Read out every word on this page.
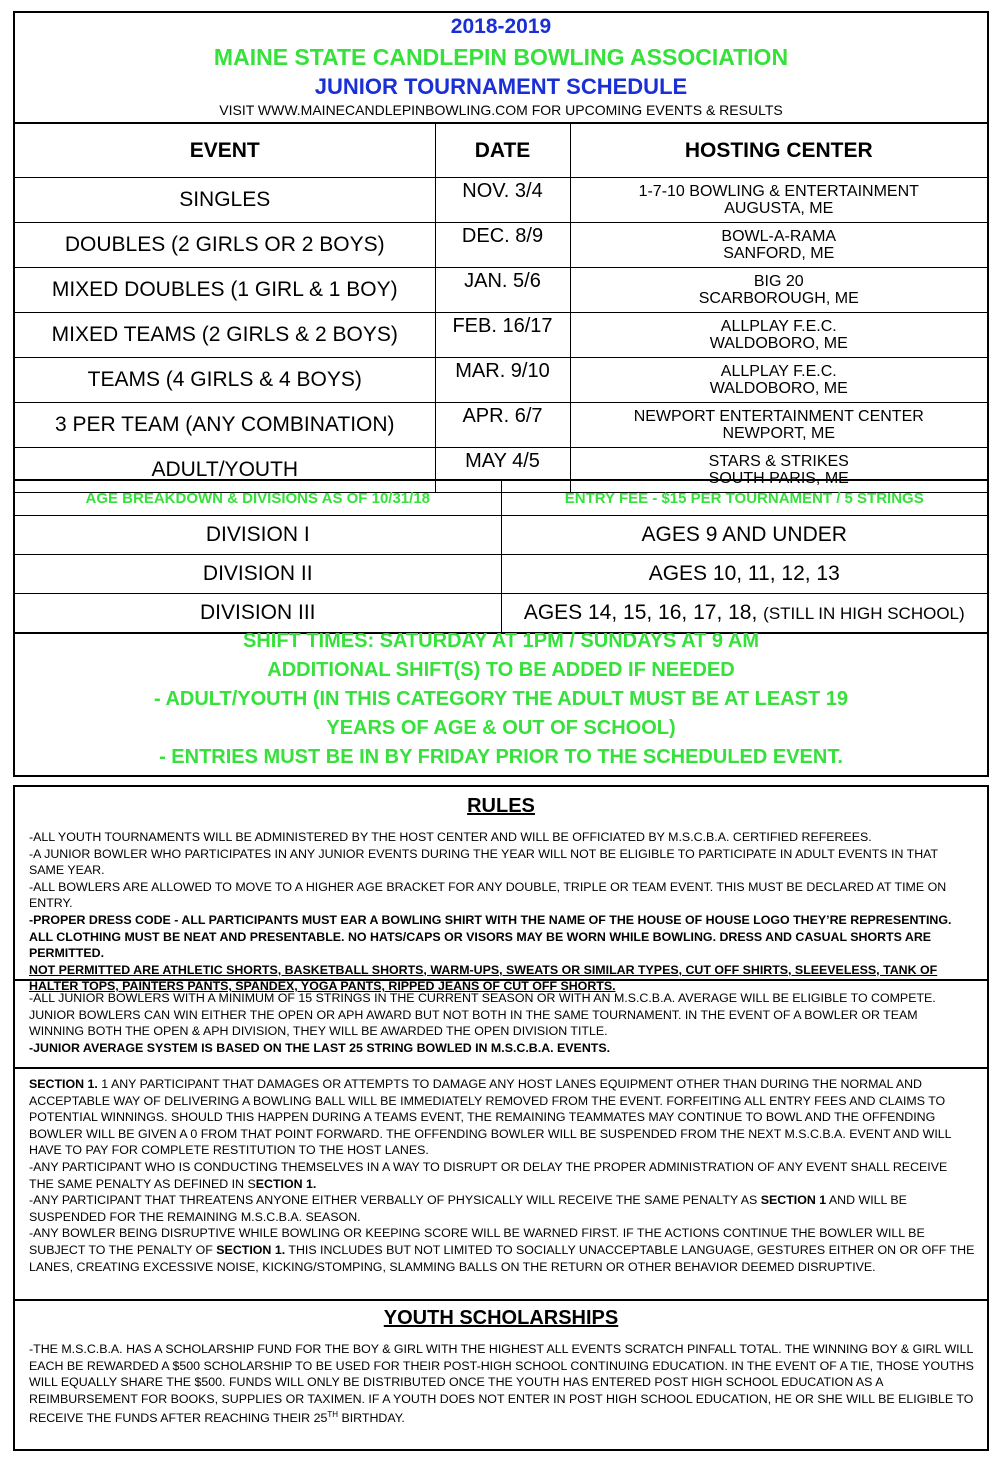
2018-2019
MAINE STATE CANDLEPIN BOWLING ASSOCIATION
JUNIOR TOURNAMENT SCHEDULE
VISIT WWW.MAINECANDLEPINBOWLING.COM FOR UPCOMING EVENTS & RESULTS
EVENT	DATE	HOSTING CENTER
SINGLES	NOV. 3/4	1-7-10 BOWLING & ENTERTAINMENT
AUGUSTA, ME

DOUBLES (2 GIRLS OR 2 BOYS)	DEC. 8/9	BOWL-A-RAMA
SANFORD, ME

MIXED DOUBLES (1 GIRL & 1 BOY)	JAN. 5/6	BIG 20
SCARBOROUGH, ME

MIXED TEAMS (2 GIRLS & 2 BOYS)	FEB. 16/17	ALLPLAY F.E.C.
WALDOBORO, ME

TEAMS (4 GIRLS & 4 BOYS)	MAR. 9/10	ALLPLAY F.E.C.
WALDOBORO, ME

3 PER TEAM (ANY COMBINATION)	APR. 6/7	NEWPORT ENTERTAINMENT CENTER
NEWPORT, ME

ADULT/YOUTH	MAY 4/5	STARS & STRIKES
SOUTH PARIS, ME
AGE BREAKDOWN & DIVISIONS AS OF 10/31/18	ENTRY FEE - $15 PER TOURNAMENT / 5 STRINGS
DIVISION I	AGES 9 AND UNDER
DIVISION II	AGES 10, 11, 12, 13
DIVISION III	AGES 14, 15, 16, 17, 18, (STILL IN HIGH SCHOOL)
SHIFT TIMES: SATURDAY AT 1PM / SUNDAYS AT 9 AM
ADDITIONAL SHIFT(S) TO BE ADDED IF NEEDED
- ADULT/YOUTH (IN THIS CATEGORY THE ADULT MUST BE AT LEAST 19
YEARS OF AGE & OUT OF SCHOOL)
- ENTRIES MUST BE IN BY FRIDAY PRIOR TO THE SCHEDULED EVENT.
RULES

-ALL YOUTH TOURNAMENTS WILL BE ADMINISTERED BY THE HOST CENTER AND WILL BE OFFICIATED BY M.S.C.B.A. CERTIFIED REFEREES.

-A JUNIOR BOWLER WHO PARTICIPATES IN ANY JUNIOR EVENTS DURING THE YEAR WILL NOT BE ELIGIBLE TO PARTICIPATE IN ADULT EVENTS IN THAT SAME YEAR.

-ALL BOWLERS ARE ALLOWED TO MOVE TO A HIGHER AGE BRACKET FOR ANY DOUBLE, TRIPLE OR TEAM EVENT. THIS MUST BE DECLARED AT TIME ON ENTRY.

-PROPER DRESS CODE - ALL PARTICIPANTS MUST EAR A BOWLING SHIRT WITH THE NAME OF THE HOUSE OF HOUSE LOGO THEY’RE REPRESENTING. ALL CLOTHING MUST BE NEAT AND PRESENTABLE. NO HATS/CAPS OR VISORS MAY BE WORN WHILE BOWLING. DRESS AND CASUAL SHORTS ARE PERMITTED.

NOT PERMITTED ARE ATHLETIC SHORTS, BASKETBALL SHORTS, WARM-UPS, SWEATS OR SIMILAR TYPES, CUT OFF SHIRTS, SLEEVELESS, TANK OF HALTER TOPS, PAINTERS PANTS, SPANDEX, YOGA PANTS, RIPPED JEANS OF CUT OFF SHORTS.

-ALL JUNIOR BOWLERS WITH A MINIMUM OF 15 STRINGS IN THE CURRENT SEASON OR WITH AN M.S.C.B.A. AVERAGE WILL BE ELIGIBLE TO COMPETE. JUNIOR BOWLERS CAN WIN EITHER THE OPEN OR APH AWARD BUT NOT BOTH IN THE SAME TOURNAMENT. IN THE EVENT OF A BOWLER OR TEAM WINNING BOTH THE OPEN & APH DIVISION, THEY WILL BE AWARDED THE OPEN DIVISION TITLE.

-JUNIOR AVERAGE SYSTEM IS BASED ON THE LAST 25 STRING BOWLED IN M.S.C.B.A. EVENTS.

SECTION 1. 1 ANY PARTICIPANT THAT DAMAGES OR ATTEMPTS TO DAMAGE ANY HOST LANES EQUIPMENT OTHER THAN DURING THE NORMAL AND ACCEPTABLE WAY OF DELIVERING A BOWLING BALL WILL BE IMMEDIATELY REMOVED FROM THE EVENT. FORFEITING ALL ENTRY FEES AND CLAIMS TO POTENTIAL WINNINGS. SHOULD THIS HAPPEN DURING A TEAMS EVENT, THE REMAINING TEAMMATES MAY CONTINUE TO BOWL AND THE OFFENDING BOWLER WILL BE GIVEN A 0 FROM THAT POINT FORWARD. THE OFFENDING BOWLER WILL BE SUSPENDED FROM THE NEXT M.S.C.B.A. EVENT AND WILL HAVE TO PAY FOR COMPLETE RESTITUTION TO THE HOST LANES.

-ANY PARTICIPANT WHO IS CONDUCTING THEMSELVES IN A WAY TO DISRUPT OR DELAY THE PROPER ADMINISTRATION OF ANY EVENT SHALL RECEIVE THE SAME PENALTY AS DEFINED IN SECTION 1.

-ANY PARTICIPANT THAT THREATENS ANYONE EITHER VERBALLY OF PHYSICALLY WILL RECEIVE THE SAME PENALTY AS SECTION 1 AND WILL BE SUSPENDED FOR THE REMAINING M.S.C.B.A. SEASON.

-ANY BOWLER BEING DISRUPTIVE WHILE BOWLING OR KEEPING SCORE WILL BE WARNED FIRST. IF THE ACTIONS CONTINUE THE BOWLER WILL BE SUBJECT TO THE PENALTY OF SECTION 1. THIS INCLUDES BUT NOT LIMITED TO SOCIALLY UNACCEPTABLE LANGUAGE, GESTURES EITHER ON OR OFF THE LANES, CREATING EXCESSIVE NOISE, KICKING/STOMPING, SLAMMING BALLS ON THE RETURN OR OTHER BEHAVIOR DEEMED DISRUPTIVE.

YOUTH SCHOLARSHIPS

-THE M.S.C.B.A. HAS A SCHOLARSHIP FUND FOR THE BOY & GIRL WITH THE HIGHEST ALL EVENTS SCRATCH PINFALL TOTAL. THE WINNING BOY & GIRL WILL EACH BE REWARDED A $500 SCHOLARSHIP TO BE USED FOR THEIR POST-HIGH SCHOOL CONTINUING EDUCATION. IN THE EVENT OF A TIE, THOSE YOUTHS WILL EQUALLY SHARE THE $500. FUNDS WILL ONLY BE DISTRIBUTED ONCE THE YOUTH HAS ENTERED POST HIGH SCHOOL EDUCATION AS A REIMBURSEMENT FOR BOOKS, SUPPLIES OR TAXIMEN. IF A YOUTH DOES NOT ENTER IN POST HIGH SCHOOL EDUCATION, HE OR SHE WILL BE ELIGIBLE TO RECEIVE THE FUNDS AFTER REACHING THEIR 25TH BIRTHDAY.
